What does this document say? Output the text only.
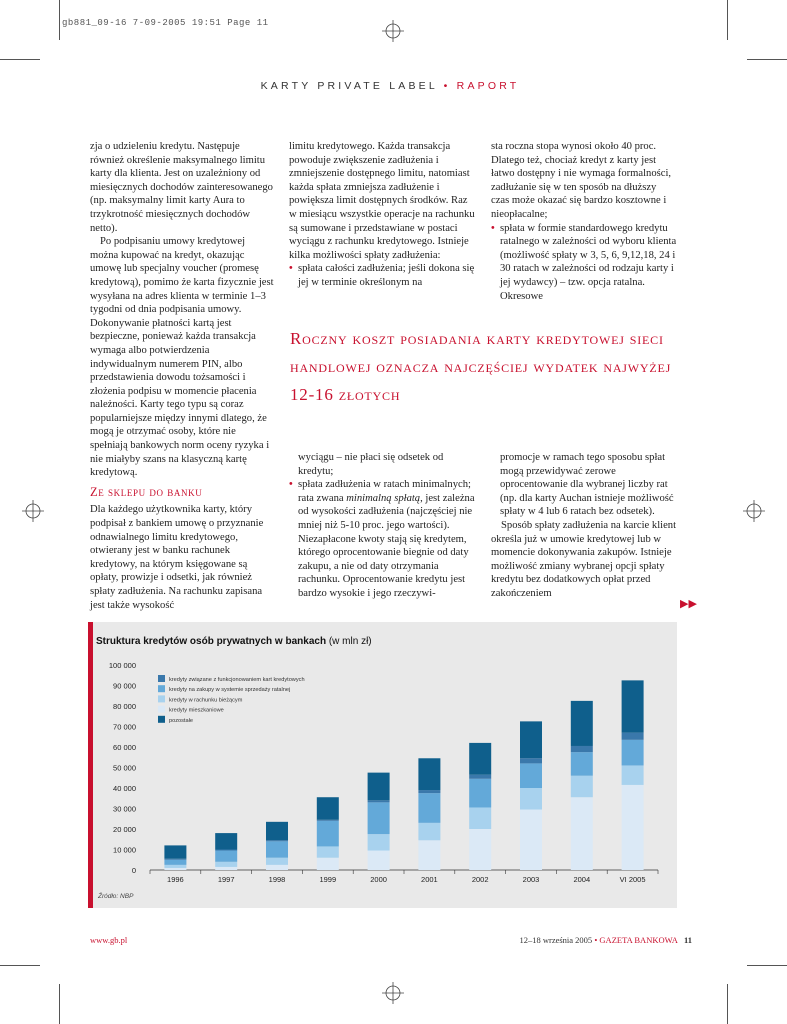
gb881_09-16 7-09-2005 19:51 Page 11
KARTY PRIVATE LABEL • RAPORT

zja o udzieleniu kredytu. Następuje również określenie maksymalnego limitu karty dla klienta. Jest on uzależniony od miesięcznych dochodów zainteresowanego (np. maksymalny limit karty Aura to trzykrotność miesięcznych dochodów netto).

Po podpisaniu umowy kredytowej można kupować na kredyt, okazując umowę lub specjalny voucher (promesę kredytową), pomimo że karta fizycznie jest wysyłana na adres klienta w terminie 1–3 tygodni od dnia podpisania umowy. Dokonywanie płatności kartą jest bezpieczne, ponieważ każda transakcja wymaga albo potwierdzenia indywidualnym numerem PIN, albo przedstawienia dowodu tożsamości i złożenia podpisu w momencie płacenia należności. Karty tego typu są coraz popularniejsze między innymi dlatego, że mogą je otrzymać osoby, które nie spełniają bankowych norm oceny ryzyka i nie miałyby szans na klasyczną kartę kredytową.

Ze sklepu do banku

Dla każdego użytkownika karty, który podpisał z bankiem umowę o przyznanie odnawialnego limitu kredytowego, otwierany jest w banku rachunek kredytowy, na którym księgowane są opłaty, prowizje i odsetki, jak również spłaty zadłużenia. Na rachunku zapisana jest także wysokość

limitu kredytowego. Każda transakcja powoduje zwiększenie zadłużenia i zmniejszenie dostępnego limitu, natomiast każda spłata zmniejsza zadłużenie i powiększa limit dostępnych środków. Raz w miesiącu wszystkie operacje na rachunku są sumowane i przedstawiane w postaci wyciągu z rachunku kredytowego. Istnieje kilka możliwości spłaty zadłużenia:

• spłata całości zadłużenia; jeśli dokona się jej w terminie określonym na

sta roczna stopa wynosi około 40 proc. Dlatego też, chociaż kredyt z karty jest łatwo dostępny i nie wymaga formalności, zadłużanie się w ten sposób na dłuższy czas może okazać się bardzo kosztowne i nieopłacalne;

• spłata w formie standardowego kredytu ratalnego w zależności od wyboru klienta (możliwość spłaty w 3, 5, 6, 9,12,18, 24 i 30 ratach w zależności od rodzaju karty i jej wydawcy) – tzw. opcja ratalna. Okresowe
Roczny koszt posiadania karty kredytowej sieci handlowej oznacza najczęściej wydatek najwyżej 12-16 złotych

wyciągu – nie płaci się odsetek od kredytu;

• spłata zadłużenia w ratach minimalnych; rata zwana minimalną spłatą, jest zależna od wysokości zadłużenia (najczęściej nie mniej niż 5-10 proc. jego wartości). Niezapłacone kwoty stają się kredytem, którego oprocentowanie biegnie od daty zakupu, a nie od daty otrzymania rachunku. Oprocentowanie kredytu jest bardzo wysokie i jego rzeczywi-

promocje w ramach tego sposobu spłat mogą przewidywać zerowe oprocentowanie dla wybranej liczby rat (np. dla karty Auchan istnieje możliwość spłaty w 4 lub 6 ratach bez odsetek).

Sposób spłaty zadłużenia na karcie klient określa już w umowie kredytowej lub w momencie dokonywania zakupów. Istnieje możliwość zmiany wybranej opcji spłaty kredytu bez dodatkowych opłat przed zakończeniem

▶▶
Struktura kredytów osób prywatnych w bankach (w mln zł)
0
10 000
20 000
30 000
40 000
50 000
60 000
70 000
80 000
90 000
100 000
1996	1997	1998	1999	2000	2001	2002	2003	2004	VI 2005
kredyty związane z funkcjonowaniem kart kredytowych
kredyty na zakupy w systemie sprzedaży ratalnej
kredyty w rachunku bieżącym
kredyty mieszkaniowe
pozostałe
Źródło: NBP
www.gb.pl	12–18 września 2005 • GAZETA BANKOWA 11
